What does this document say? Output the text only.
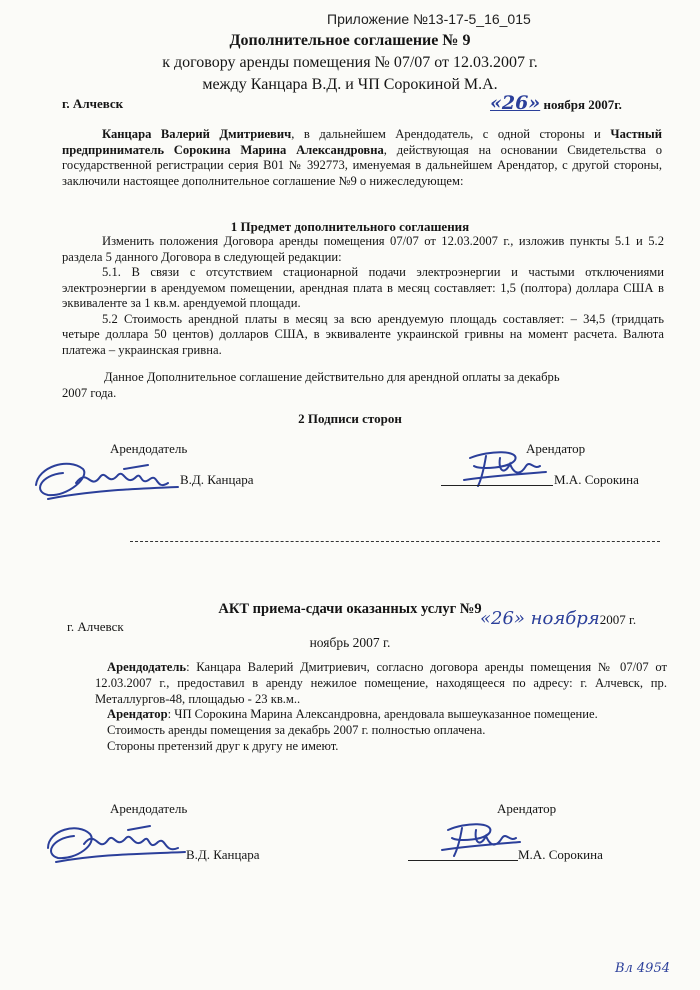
Приложение №13-17-5_16_015
Дополнительное соглашение № 9
к договору аренды помещения № 07/07 от 12.03.2007 г.
между Канцара В.Д. и ЧП Сорокиной М.А.
г. Алчевск	«26» ноября 2007г.
Канцара Валерий Дмитриевич, в дальнейшем Арендодатель, с одной стороны и Частный предприниматель Сорокина Марина Александровна, действующая на основании Свидетельства о государственной регистрации серия В01 № 392773, именуемая в дальнейшем Арендатор, с другой стороны, заключили настоящее дополнительное соглашение №9 о нижеследующем:
1 Предмет дополнительного соглашения
Изменить положения Договора аренды помещения 07/07 от 12.03.2007 г., изложив пункты 5.1 и 5.2 раздела 5 данного Договора в следующей редакции:
5.1. В связи с отсутствием стационарной подачи электроэнергии и частыми отключениями электроэнергии в арендуемом помещении, арендная плата в месяц составляет: 1,5 (полтора) доллара США в эквиваленте за 1 кв.м. арендуемой площади.
5.2 Стоимость арендной платы в месяц за всю арендуемую площадь составляет: – 34,5 (тридцать четыре доллара 50 центов) долларов США, в эквиваленте украинской гривны на момент расчета. Валюта платежа – украинская гривна.
Данное Дополнительное соглашение действительно для арендной оплаты за декабрь
2007 года.
2 Подписи сторон
Арендодатель
В.Д. Канцара
Арендатор
М.А. Сорокина
АКТ приема-сдачи оказанных услуг №9
г. Алчевск	«26» ноября2007 г.
ноябрь 2007 г.
Арендодатель: Канцара Валерий Дмитриевич, согласно договора аренды помещения № 07/07 от 12.03.2007 г., предоставил в аренду нежилое помещение, находящееся по адресу: г. Алчевск, пр. Металлургов-48, площадью - 23 кв.м..
Арендатор: ЧП Сорокина Марина Александровна, арендовала вышеуказанное помещение.
Стоимость аренды помещения за декабрь 2007 г. полностью оплачена.
Стороны претензий друг к другу не имеют.
Арендодатель
В.Д. Канцара
Арендатор
М.А. Сорокина
Вл 4954
